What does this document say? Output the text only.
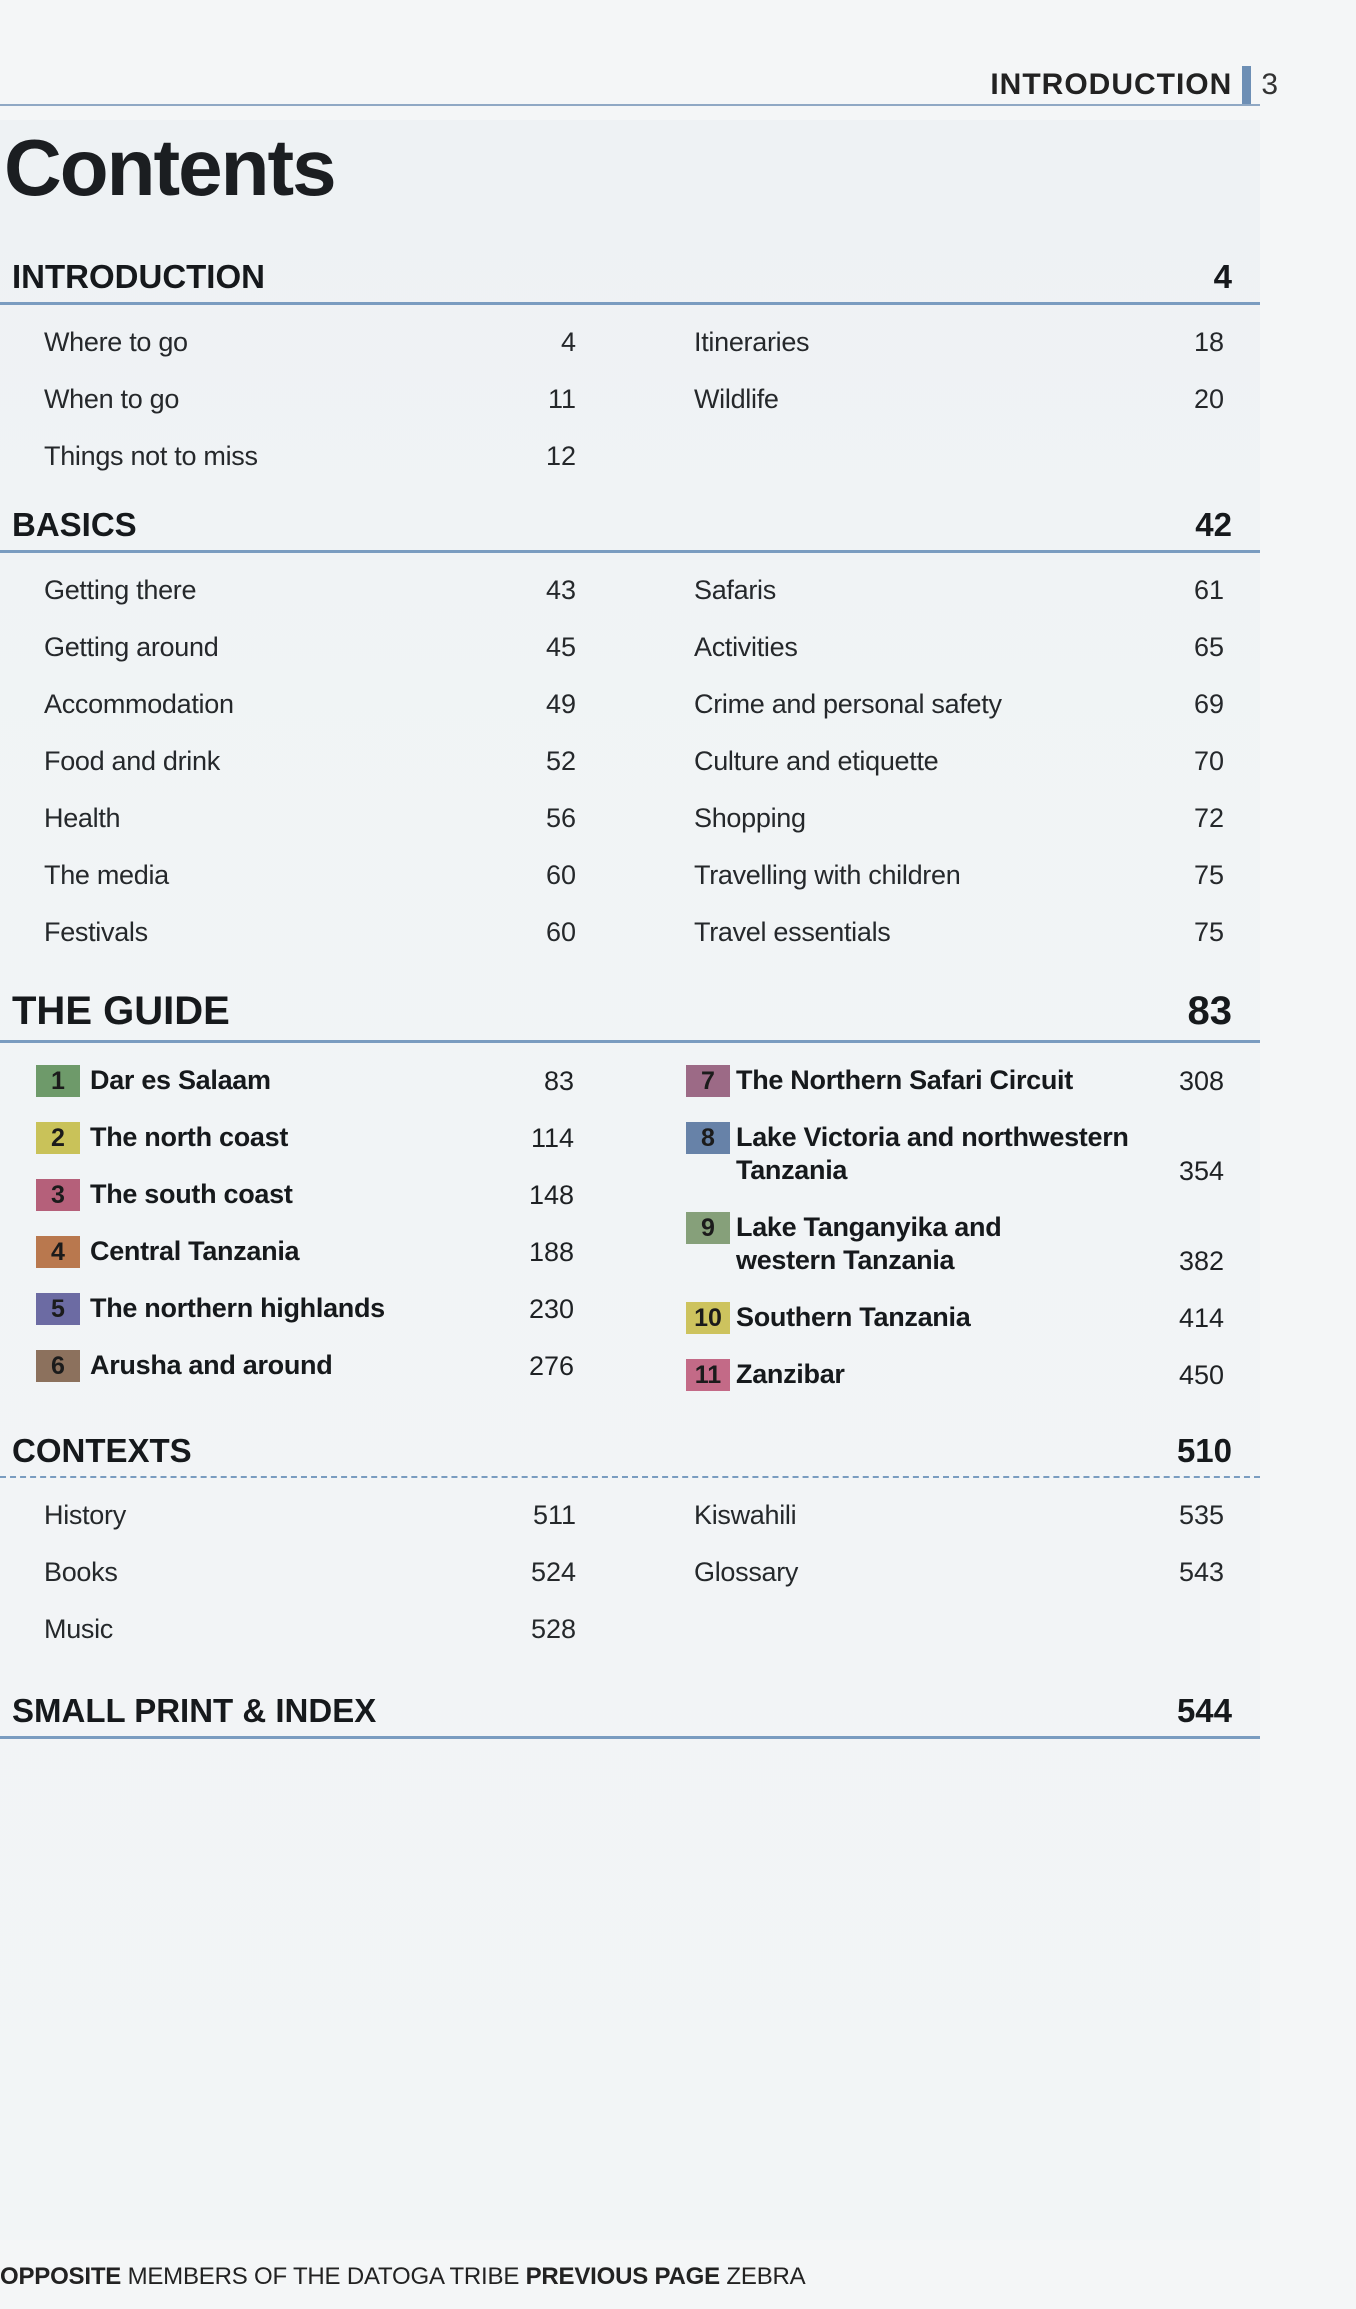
INTRODUCTION 3
Contents
INTRODUCTION	4
Where to go	4
When to go	11
Things not to miss	12
Itineraries	18
Wildlife	20
BASICS	42
Getting there	43
Getting around	45
Accommodation	49
Food and drink	52
Health	56
The media	60
Festivals	60
Safaris	61
Activities	65
Crime and personal safety	69
Culture and etiquette	70
Shopping	72
Travelling with children	75
Travel essentials	75
THE GUIDE	83
1 Dar es Salaam	83
2 The north coast	114
3 The south coast	148
4 Central Tanzania	188
5 The northern highlands	230
6 Arusha and around	276
7 The Northern Safari Circuit	308
8 Lake Victoria and northwestern
Tanzania	354
9 Lake Tanganyika and
western Tanzania	382
10 Southern Tanzania	414
11 Zanzibar	450
CONTEXTS	510
History	511
Books	524
Music	528
Kiswahili	535
Glossary	543
SMALL PRINT & INDEX	544
OPPOSITE MEMBERS OF THE DATOGA TRIBE PREVIOUS PAGE ZEBRA
